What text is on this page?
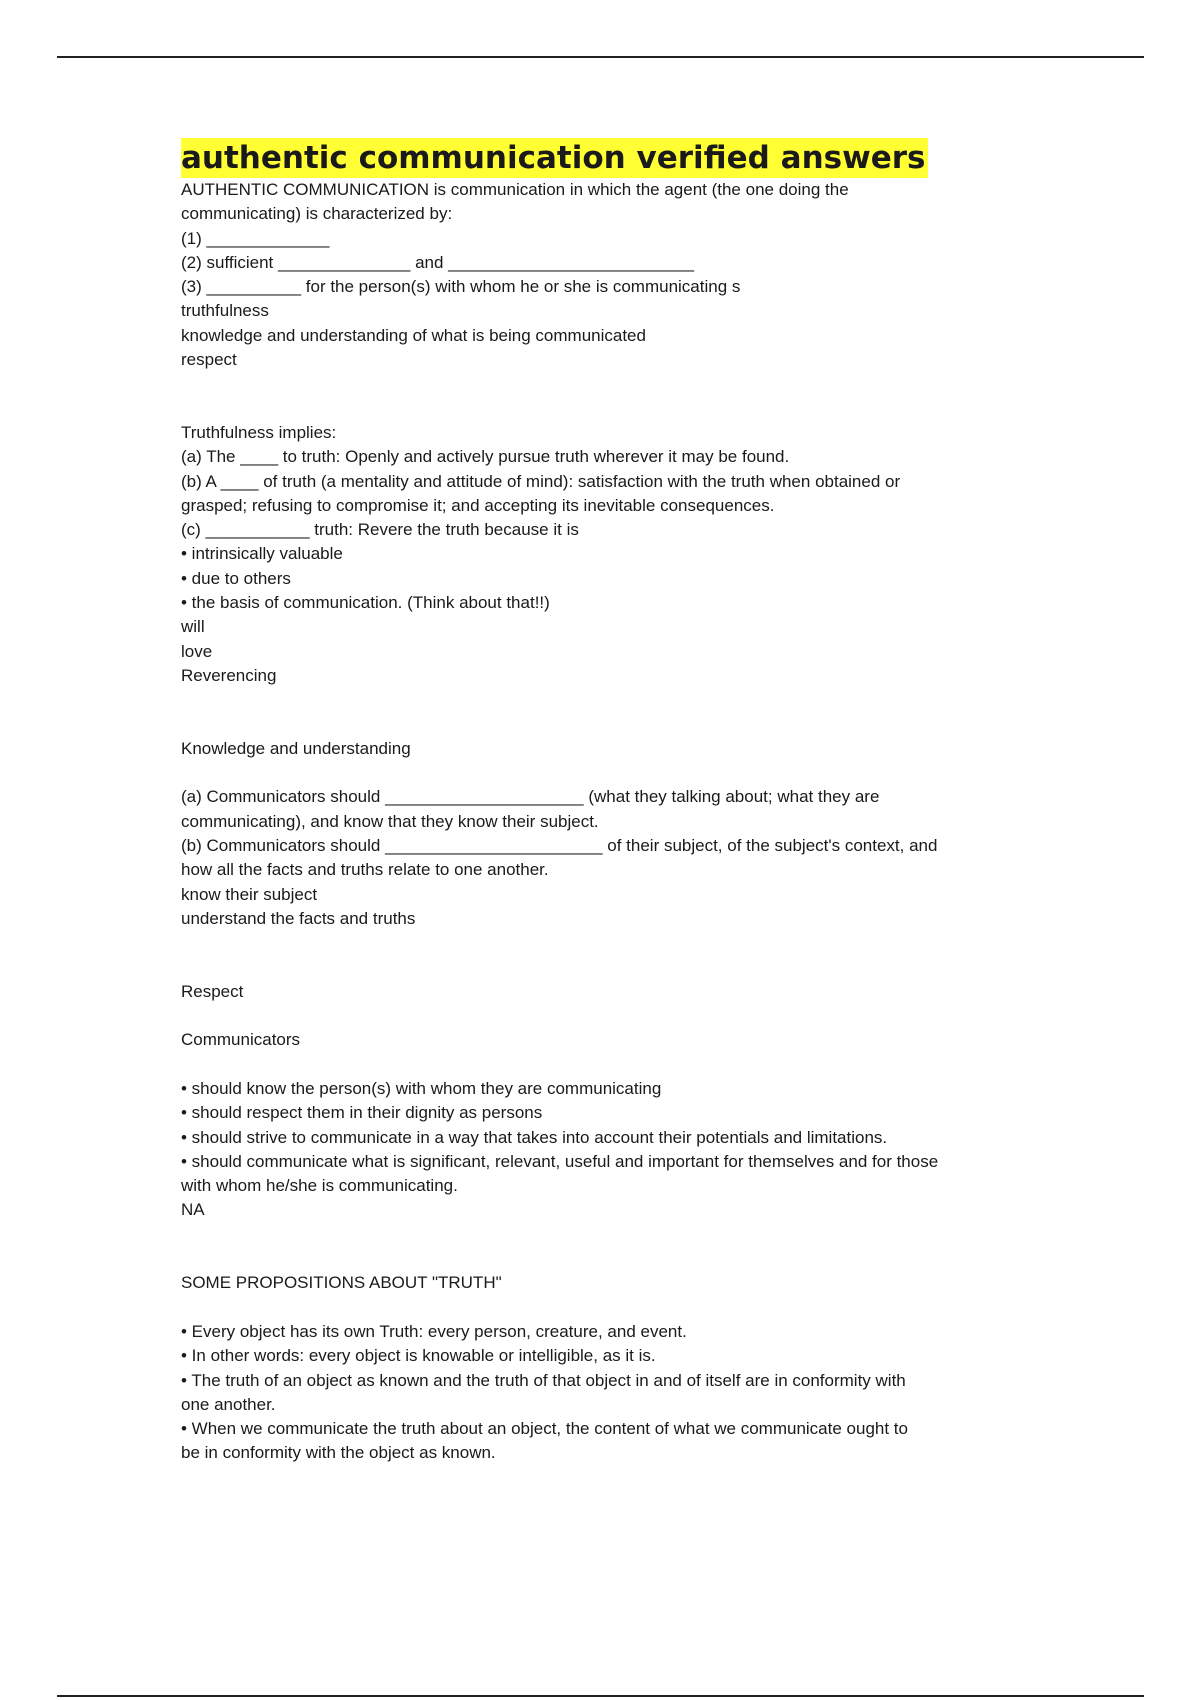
authentic communication verified answers
AUTHENTIC COMMUNICATION is communication in which the agent (the one doing the
communicating) is characterized by:
(1) _____________
(2) sufficient ______________ and __________________________
(3) __________ for the person(s) with whom he or she is communicating s
truthfulness
knowledge and understanding of what is being communicated
respect
Truthfulness implies:
(a) The ____ to truth: Openly and actively pursue truth wherever it may be found.
(b) A ____ of truth (a mentality and attitude of mind): satisfaction with the truth when obtained or
grasped; refusing to compromise it; and accepting its inevitable consequences.
(c) ___________ truth: Revere the truth because it is
• intrinsically valuable
• due to others
• the basis of communication. (Think about that!!)
will
love
Reverencing
Knowledge and understanding
(a) Communicators should _____________________ (what they talking about; what they are
communicating), and know that they know their subject.
(b) Communicators should _______________________ of their subject, of the subject's context, and
how all the facts and truths relate to one another.
know their subject
understand the facts and truths
Respect
Communicators
• should know the person(s) with whom they are communicating
• should respect them in their dignity as persons
• should strive to communicate in a way that takes into account their potentials and limitations.
• should communicate what is significant, relevant, useful and important for themselves and for those
with whom he/she is communicating.
NA
SOME PROPOSITIONS ABOUT "TRUTH"
• Every object has its own Truth: every person, creature, and event.
• In other words: every object is knowable or intelligible, as it is.
• The truth of an object as known and the truth of that object in and of itself are in conformity with
one another.
• When we communicate the truth about an object, the content of what we communicate ought to
be in conformity with the object as known.
